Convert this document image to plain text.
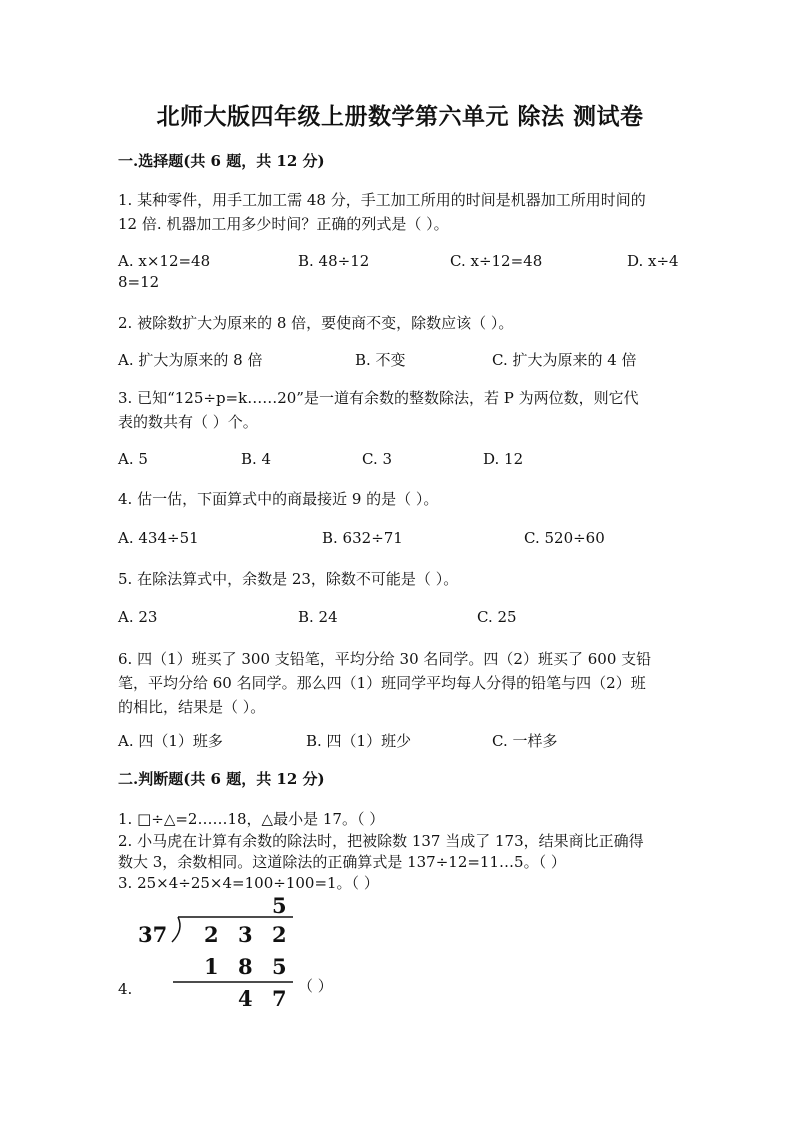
北师大版四年级上册数学第六单元 除法 测试卷
一.选择题(共 6 题，共 12 分)
1. 某种零件，用手工加工需 48 分，手工加工所用的时间是机器加工所用时间的
12 倍. 机器加工用多少时间？正确的列式是（ ）。
A. x×12=48	B. 48÷12	C. x÷12=48	D. x÷4
8=12
2. 被除数扩大为原来的 8 倍，要使商不变，除数应该（ ）。
A. 扩大为原来的 8 倍	B. 不变	C. 扩大为原来的 4 倍
3. 已知“125÷p=k……20”是一道有余数的整数除法，若 P 为两位数，则它代
表的数共有（ ）个。
A. 5	B. 4	C. 3	D. 12
4. 估一估，下面算式中的商最接近 9 的是（ ）。
A. 434÷51	B. 632÷71	C. 520÷60
5. 在除法算式中，余数是 23，除数不可能是（ ）。
A. 23	B. 24	C. 25
6. 四（1）班买了 300 支铅笔，平均分给 30 名同学。四（2）班买了 600 支铅
笔，平均分给 60 名同学。那么四（1）班同学平均每人分得的铅笔与四（2）班
的相比，结果是（ ）。
A. 四（1）班多	B. 四（1）班少	C. 一样多
二.判断题(共 6 题，共 12 分)
1. □÷△=2……18，△最小是 17。（ ）
2. 小马虎在计算有余数的除法时，把被除数 137 当成了 173，结果商比正确得
数大 3，余数相同。这道除法的正确算式是 137÷12=11…5。（ ）
3. 25×4÷25×4=100÷100=1。（ ）
5
37 2 3 2
1 8 5
4 7
4.	（ ）
